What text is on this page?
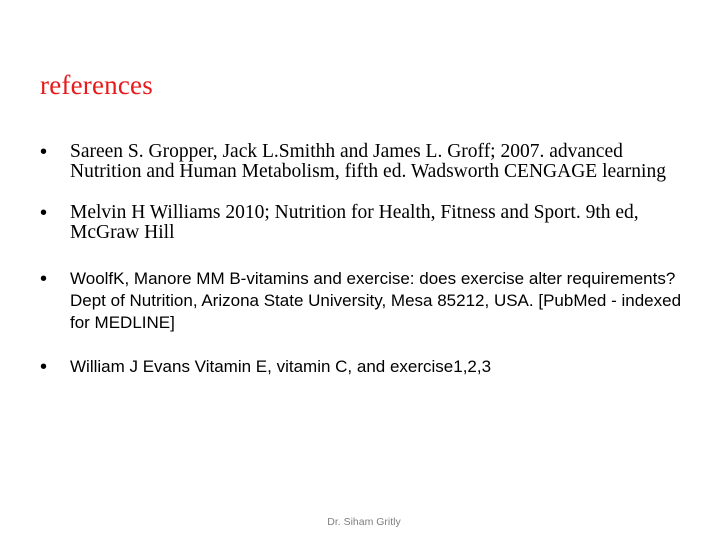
references
• Sareen S. Gropper, Jack L.Smithh and James L. Groff; 2007. advanced Nutrition and Human Metabolism, fifth ed. Wadsworth CENGAGE learning
• Melvin H Williams 2010; Nutrition for Health, Fitness and Sport. 9th ed, McGraw Hill
• WoolfK, Manore MM B-vitamins and exercise: does exercise alter requirements? Dept of Nutrition, Arizona State University, Mesa 85212, USA. [PubMed - indexed for MEDLINE]
• William J Evans Vitamin E, vitamin C, and exercise1,2,3
Dr. Siham Gritly
